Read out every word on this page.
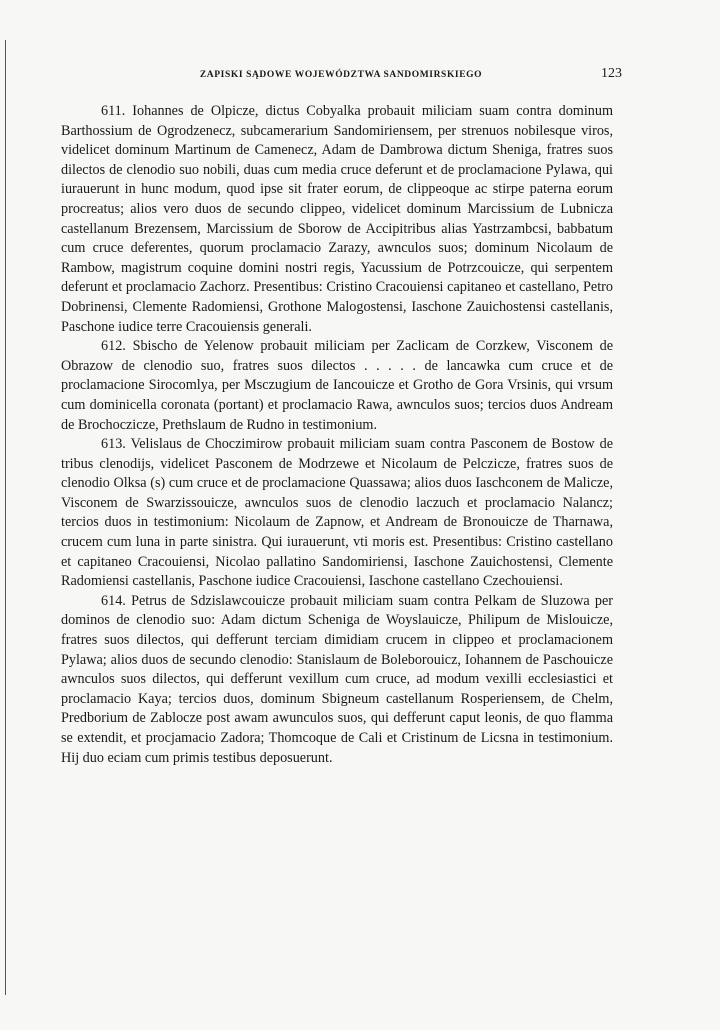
ZAPISKI SĄDOWE WOJEWÓDZTWA SANDOMIRSKIEGO	123

611. Iohannes de Olpicze, dictus Cobyalka probauit miliciam suam contra dominum Barthossium de Ogrodzenecz, subcamerarium Sandomiriensem, per strenuos nobilesque viros, videlicet dominum Martinum de Camenecz, Adam de Dambrowa dictum Sheniga, fratres suos dilectos de clenodio suo nobili, duas cum media cruce deferunt et de proclamacione Pylawa, qui iurauerunt in hunc modum, quod ipse sit frater eorum, de clippeoque ac stirpe paterna eorum procreatus; alios vero duos de secundo clippeo, videlicet dominum Marcissium de Lubnicza castellanum Brezensem, Marcissium de Sborow de Accipitribus alias Yastrzambcsi, babbatum cum cruce deferentes, quorum proclamacio Zarazy, awnculos suos; dominum Nicolaum de Rambow, magistrum coquine domini nostri regis, Yacussium de Potrzcouicze, qui serpentem deferunt et proclamacio Zachorz. Presentibus: Cristino Cracouiensi capitaneo et castellano, Petro Dobrinensi, Clemente Radomiensi, Grothone Malogostensi, Iaschone Zauichostensi castellanis, Paschone iudice terre Cracouiensis generali.

612. Sbischo de Yelenow probauit miliciam per Zaclicam de Corzkew, Visconem de Obrazow de clenodio suo, fratres suos dilectos . . . . . de lancawka cum cruce et de proclamacione Sirocomlya, per Msczugium de Iancouicze et Grotho de Gora Vrsinis, qui vrsum cum dominicella coronata (portant) et proclamacio Rawa, awnculos suos; tercios duos Andream de Brochoczicze, Prethslaum de Rudno in testimonium.

613. Velislaus de Choczimirow probauit miliciam suam contra Pasconem de Bostow de tribus clenodijs, videlicet Pasconem de Modrzewe et Nicolaum de Pelczicze, fratres suos de clenodio Olksa (s) cum cruce et de proclamacione Quassawa; alios duos Iaschconem de Malicze, Visconem de Swarzissouicze, awnculos suos de clenodio laczuch et proclamacio Nalancz; tercios duos in testimonium: Nicolaum de Zapnow, et Andream de Bronouicze de Tharnawa, crucem cum luna in parte sinistra. Qui iurauerunt, vti moris est. Presentibus: Cristino castellano et capitaneo Cracouiensi, Nicolao pallatino Sandomiriensi, Iaschone Zauichostensi, Clemente Radomiensi castellanis, Paschone iudice Cracouiensi, Iaschone castellano Czechouiensi.

614. Petrus de Sdzislawcouicze probauit miliciam suam contra Pelkam de Sluzowa per dominos de clenodio suo: Adam dictum Scheniga de Woyslauicze, Philipum de Mislouicze, fratres suos dilectos, qui defferunt terciam dimidiam crucem in clippeo et proclamacionem Pylawa; alios duos de secundo clenodio: Stanislaum de Boleborouicz, Iohannem de Paschouicze awnculos suos dilectos, qui defferunt vexillum cum cruce, ad modum vexilli ecclesiastici et proclamacio Kaya; tercios duos, dominum Sbigneum castellanum Rosperiensem, de Chelm, Predborium de Zablocze post awam awunculos suos, qui defferunt caput leonis, de quo flamma se extendit, et procjamacio Zadora; Thomcoque de Cali et Cristinum de Licsna in testimonium. Hij duo eciam cum primis testibus deposuerunt.
